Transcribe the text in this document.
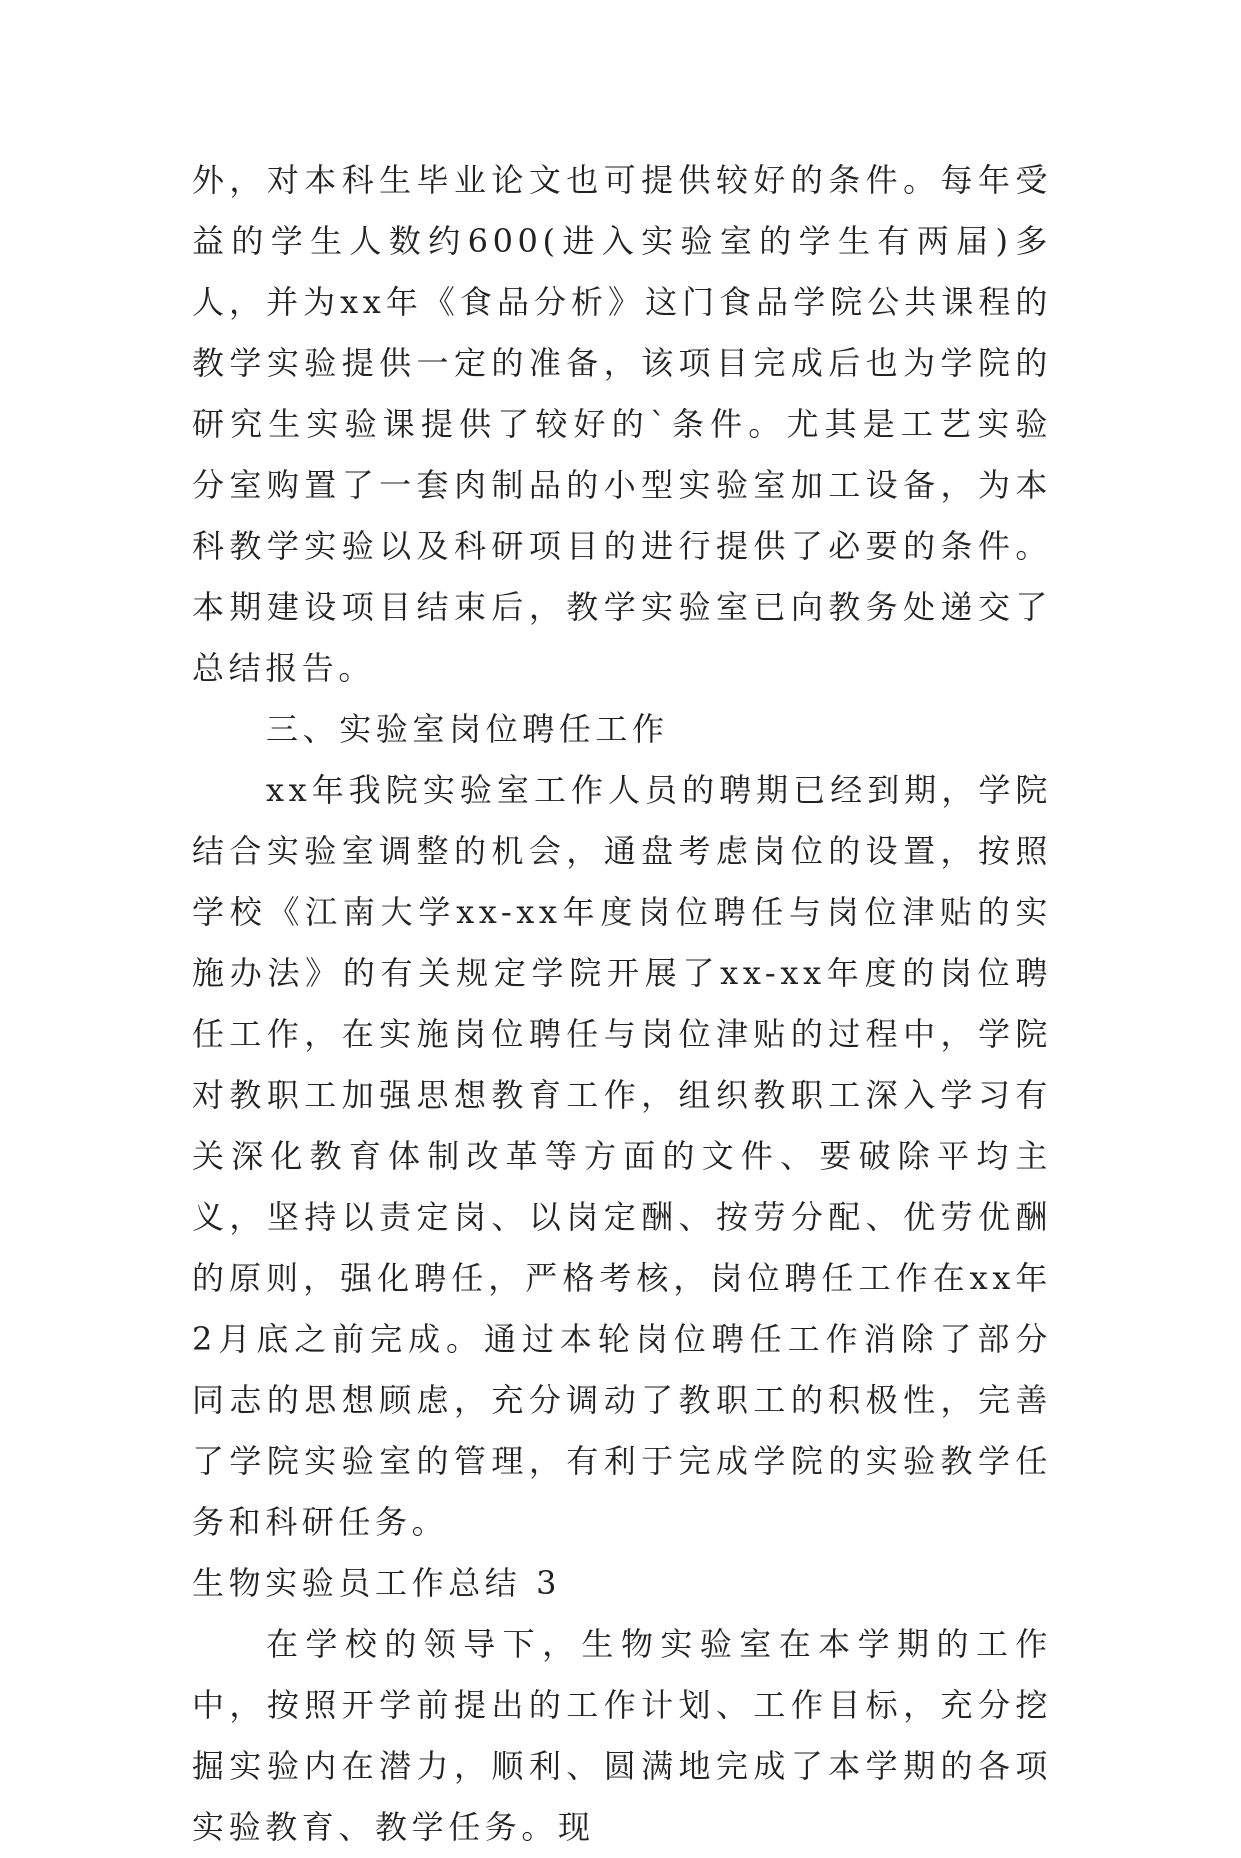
外，对本科生毕业论文也可提供较好的条件。每年受益的学生人数约600(进入实验室的学生有两届)多人，并为xx年《食品分析》这门食品学院公共课程的教学实验提供一定的准备，该项目完成后也为学院的研究生实验课提供了较好的`条件。尤其是工艺实验分室购置了一套肉制品的小型实验室加工设备，为本科教学实验以及科研项目的进行提供了必要的条件。本期建设项目结束后，教学实验室已向教务处递交了总结报告。

三、实验室岗位聘任工作

xx年我院实验室工作人员的聘期已经到期，学院结合实验室调整的机会，通盘考虑岗位的设置，按照学校《江南大学xx-xx年度岗位聘任与岗位津贴的实施办法》的有关规定学院开展了xx-xx年度的岗位聘任工作，在实施岗位聘任与岗位津贴的过程中，学院对教职工加强思想教育工作，组织教职工深入学习有关深化教育体制改革等方面的文件、要破除平均主义，坚持以责定岗、以岗定酬、按劳分配、优劳优酬的原则，强化聘任，严格考核，岗位聘任工作在xx年2月底之前完成。通过本轮岗位聘任工作消除了部分同志的思想顾虑，充分调动了教职工的积极性，完善了学院实验室的管理，有利于完成学院的实验教学任务和科研任务。

生物实验员工作总结 3

在学校的领导下，生物实验室在本学期的工作中，按照开学前提出的工作计划、工作目标，充分挖掘实验内在潜力，顺利、圆满地完成了本学期的各项实验教育、教学任务。现
